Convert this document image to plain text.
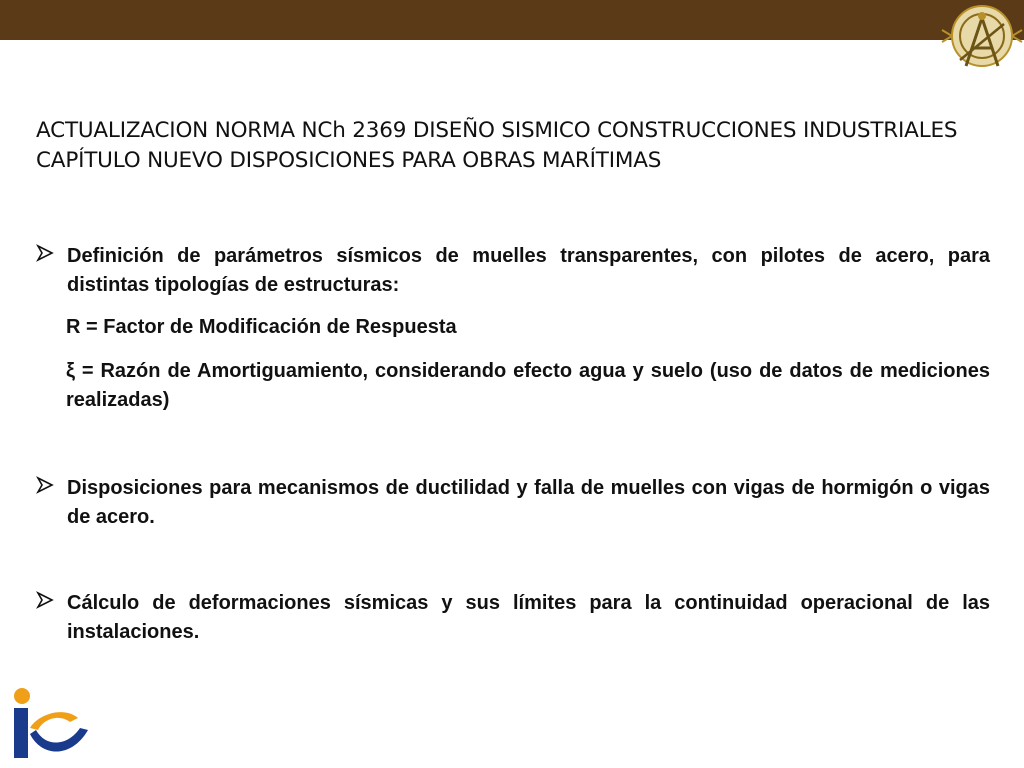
ACTUALIZACION NORMA NCh 2369 DISEÑO SISMICO CONSTRUCCIONES INDUSTRIALES
CAPÍTULO NUEVO DISPOSICIONES PARA OBRAS MARÍTIMAS
Definición de parámetros sísmicos de muelles transparentes, con pilotes de acero, para distintas tipologías de estructuras:
R = Factor de Modificación de Respuesta
ξ = Razón de Amortiguamiento, considerando efecto agua y suelo (uso de datos de mediciones realizadas)
Disposiciones para mecanismos de ductilidad y falla de muelles con vigas de hormigón o vigas de acero.
Cálculo de deformaciones sísmicas y sus límites para la continuidad operacional de las instalaciones.
